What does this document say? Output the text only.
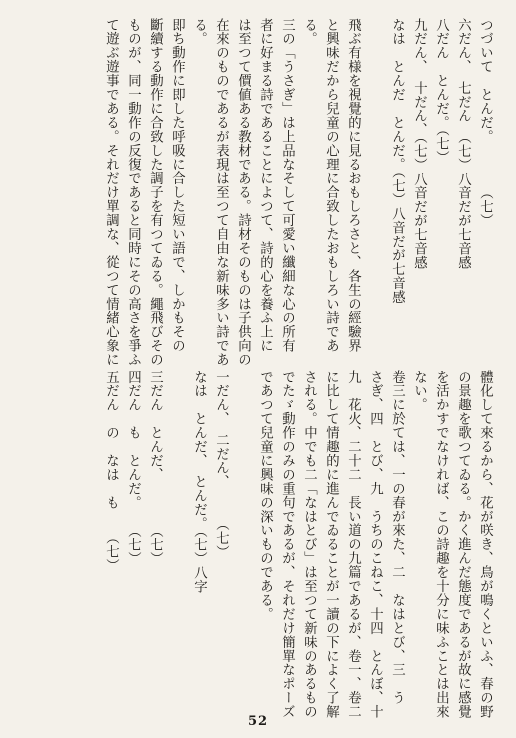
つづいて　とんだ。　　　　（七）
六だん、　七だん　（七）八音だが七音感
八だん　とんだ。（七）
九だん、　十だん、（七）八音だが七音感
なは　とんだ　とんだ。（七）八音だが七音感
飛ぶ有様を視覺的に見るおもしろさと、各生の經驗界
と興味だから兒童の心理に合致したおもしろい詩であ
る。
三の「うさぎ」は上品なそして可愛い纖細な心の所有
者に好まる詩であることによつて、詩的心を養ふ上に
は至つて價値ある教材である。詩材そのものは子供向の
在來のものであるが表現は至つて自由な新味多い詩であ
る。
即ち動作に即した呼吸に合した短い語で、しかもその
斷續する動作に合致した調子を有つてゐる。繩飛びその
ものが、同一動作の反復であると同時にその高さを爭ふ
て遊ぶ遊事である。それだけ單調な、從つて情緒心象に
體化して來るから、花が咲き、鳥が鳴くといふ、春の野
の景趣を歌つてゐる。かく進んだ態度であるが故に感覺
を活かすでなければ、この詩趣を十分に味ふことは出來
ない。
卷三に於ては、一の春が來た、二　なはとび、三　う
さぎ、四　とび、九　うちのこねこ、十四　とんぼ、十
九　花火、二十二　長い道の九篇であるが、卷一、卷二
に比して情趣的に進んでゐることが一讀の下によく了解
される。中でも二「なはとび」は至つて新味のあるもの
でたゞ動作のみの重句であるが、それだけ簡單なポーズ
であつて兒童に興味の深いものである。
一だん、　二だん、　　　（七）
なは　とんだ、　とんだ。（七）八字
三だん　とんだ、　　　　（七）
四だん　も　とんだ。　　（七）
五だん　の　なは　も　　（七）
52
